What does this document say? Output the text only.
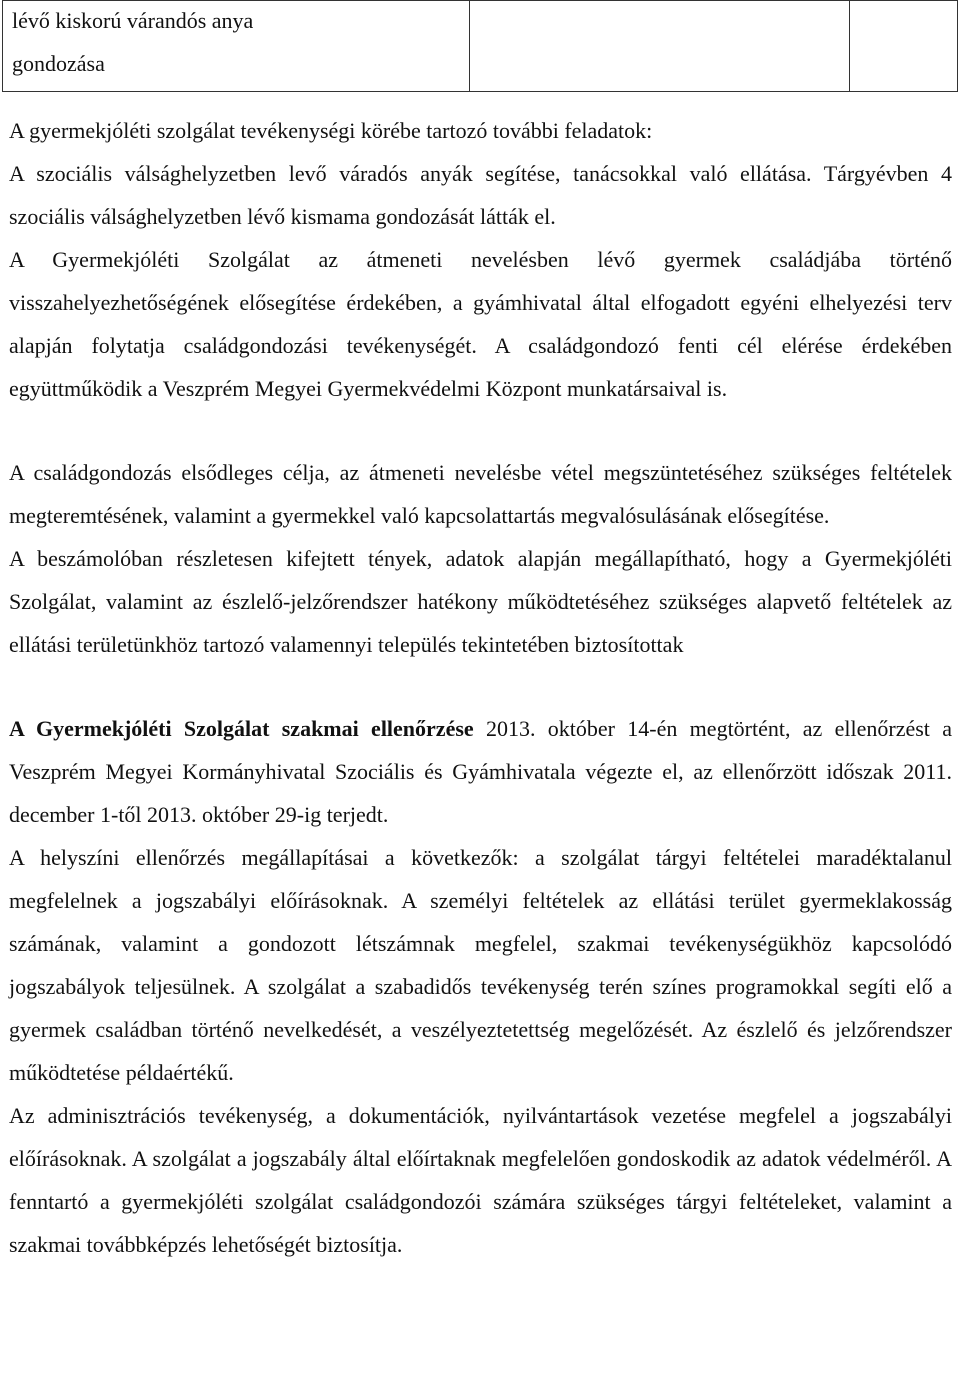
lévő kiskorú várandós anya
gondozása

A gyermekjóléti szolgálat tevékenységi körébe tartozó további feladatok:

A szociális válsághelyzetben levő váradós anyák segítése, tanácsokkal való ellátása. Tárgyévben 4 szociális válsághelyzetben lévő kismama gondozását látták el.

A Gyermekjóléti Szolgálat az átmeneti nevelésben lévő gyermek családjába történő visszahelyezhetőségének elősegítése érdekében, a gyámhivatal által elfogadott egyéni elhelyezési terv alapján folytatja családgondozási tevékenységét. A családgondozó fenti cél elérése érdekében együttműködik a Veszprém Megyei Gyermekvédelmi Központ munkatársaival is.

A családgondozás elsődleges célja, az átmeneti nevelésbe vétel megszüntetéséhez szükséges feltételek megteremtésének, valamint a gyermekkel való kapcsolattartás megvalósulásának elősegítése.

A beszámolóban részletesen kifejtett tények, adatok alapján megállapítható, hogy a Gyermekjóléti Szolgálat, valamint az észlelő-jelzőrendszer hatékony működtetéséhez szükséges alapvető feltételek az ellátási területünkhöz tartozó valamennyi település tekintetében biztosítottak

A Gyermekjóléti Szolgálat szakmai ellenőrzése 2013. október 14-én megtörtént, az ellenőrzést a Veszprém Megyei Kormányhivatal Szociális és Gyámhivatala végezte el, az ellenőrzött időszak 2011. december 1-től 2013. október 29-ig terjedt.

A helyszíni ellenőrzés megállapításai a következők: a szolgálat tárgyi feltételei maradéktalanul megfelelnek a jogszabályi előírásoknak. A személyi feltételek az ellátási terület gyermeklakosság számának, valamint a gondozott létszámnak megfelel, szakmai tevékenységükhöz kapcsolódó jogszabályok teljesülnek. A szolgálat a szabadidős tevékenység terén színes programokkal segíti elő a gyermek családban történő nevelkedését, a veszélyeztetettség megelőzését. Az észlelő és jelzőrendszer működtetése példaértékű.

Az adminisztrációs tevékenység, a dokumentációk, nyilvántartások vezetése megfelel a jogszabályi előírásoknak. A szolgálat a jogszabály által előírtaknak megfelelően gondoskodik az adatok védelméről. A fenntartó a gyermekjóléti szolgálat családgondozói számára szükséges tárgyi feltételeket, valamint a szakmai továbbképzés lehetőségét biztosítja.
